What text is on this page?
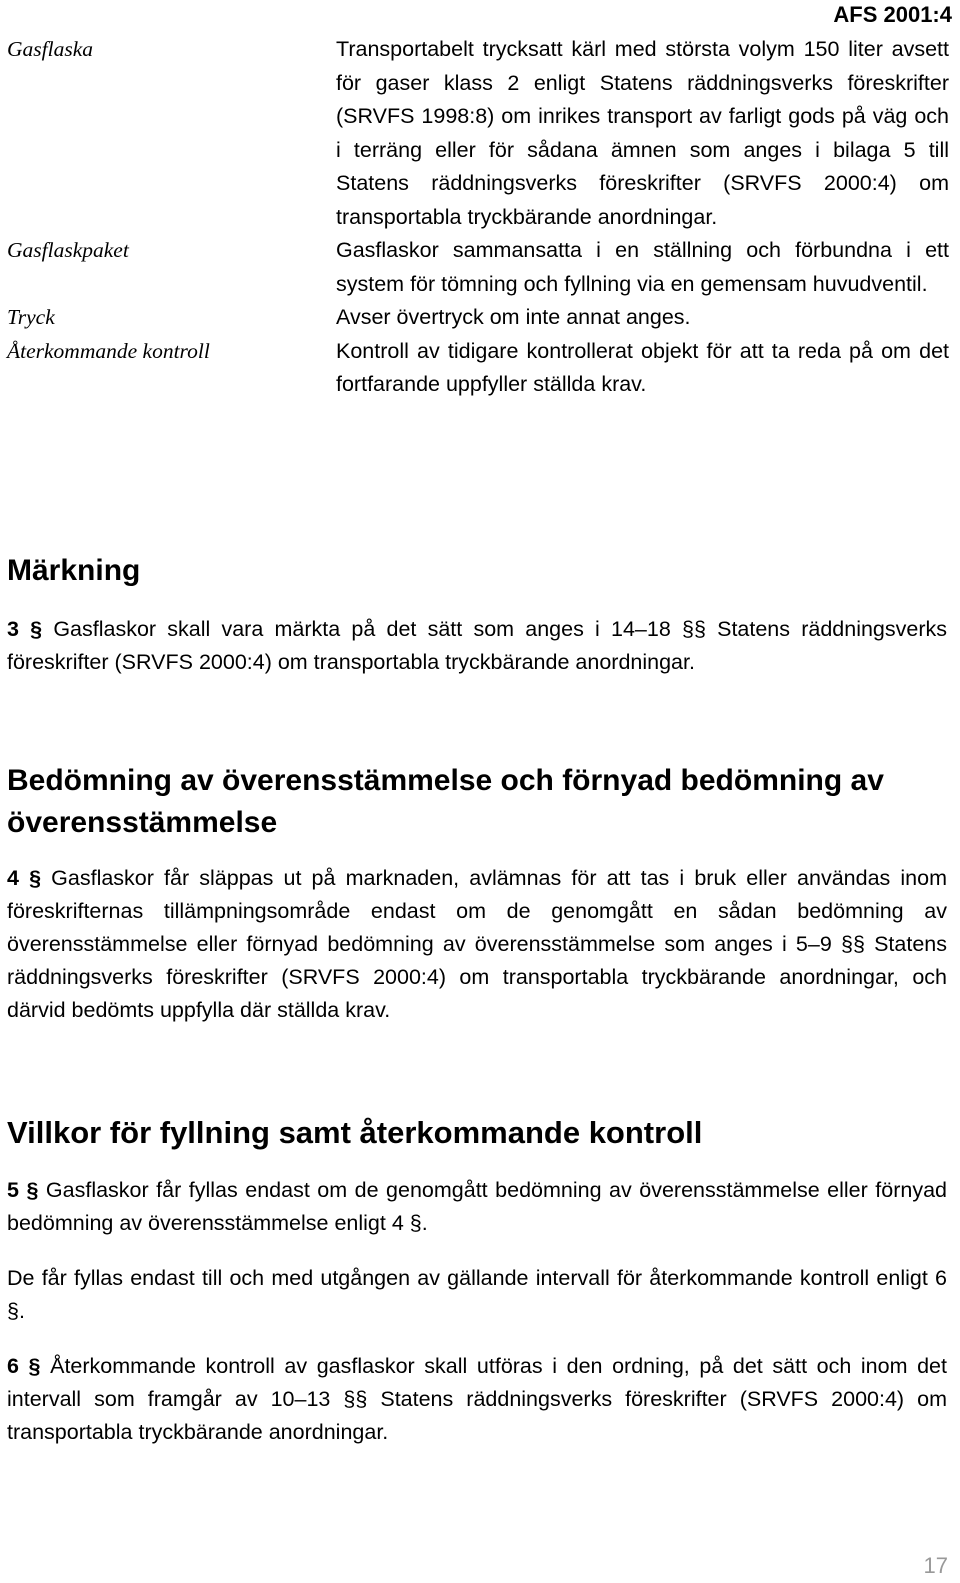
AFS 2001:4
Gasflaska	Transportabelt trycksatt kärl med största volym 150 liter avsett för gaser klass 2 enligt Statens räddningsverks föreskrifter (SRVFS 1998:8) om inrikes transport av farligt gods på väg och i terräng eller för sådana ämnen som anges i bilaga 5 till Statens räddningsverks föreskrifter (SRVFS 2000:4) om transportabla tryckbärande anordningar.
Gasflaskpaket	Gasflaskor sammansatta i en ställning och förbundna i ett system för tömning och fyllning via en gemensam huvudventil.
Tryck	Avser övertryck om inte annat anges.
Återkommande kontroll	Kontroll av tidigare kontrollerat objekt för att ta reda på om det fortfarande uppfyller ställda krav.
Märkning

3 § Gasflaskor skall vara märkta på det sätt som anges i 14–18 §§ Statens räddningsverks föreskrifter (SRVFS 2000:4) om transportabla tryckbärande anordningar.

Bedömning av överensstämmelse och förnyad bedömning av överensstämmelse

4 § Gasflaskor får släppas ut på marknaden, avlämnas för att tas i bruk eller användas inom föreskrifternas tillämpningsområde endast om de genomgått en sådan bedömning av överensstämmelse eller förnyad bedömning av överensstämmelse som anges i 5–9 §§ Statens räddningsverks föreskrifter (SRVFS 2000:4) om transportabla tryckbärande anordningar, och därvid bedömts uppfylla där ställda krav.

Villkor för fyllning samt återkommande kontroll

5 § Gasflaskor får fyllas endast om de genomgått bedömning av överensstämmelse eller förnyad bedömning av överensstämmelse enligt 4 §.

De får fyllas endast till och med utgången av gällande intervall för återkommande kontroll enligt 6 §.

6 § Återkommande kontroll av gasflaskor skall utföras i den ordning, på det sätt och inom det intervall som framgår av 10–13 §§ Statens räddningsverks föreskrifter (SRVFS 2000:4) om transportabla tryckbärande anordningar.

17
